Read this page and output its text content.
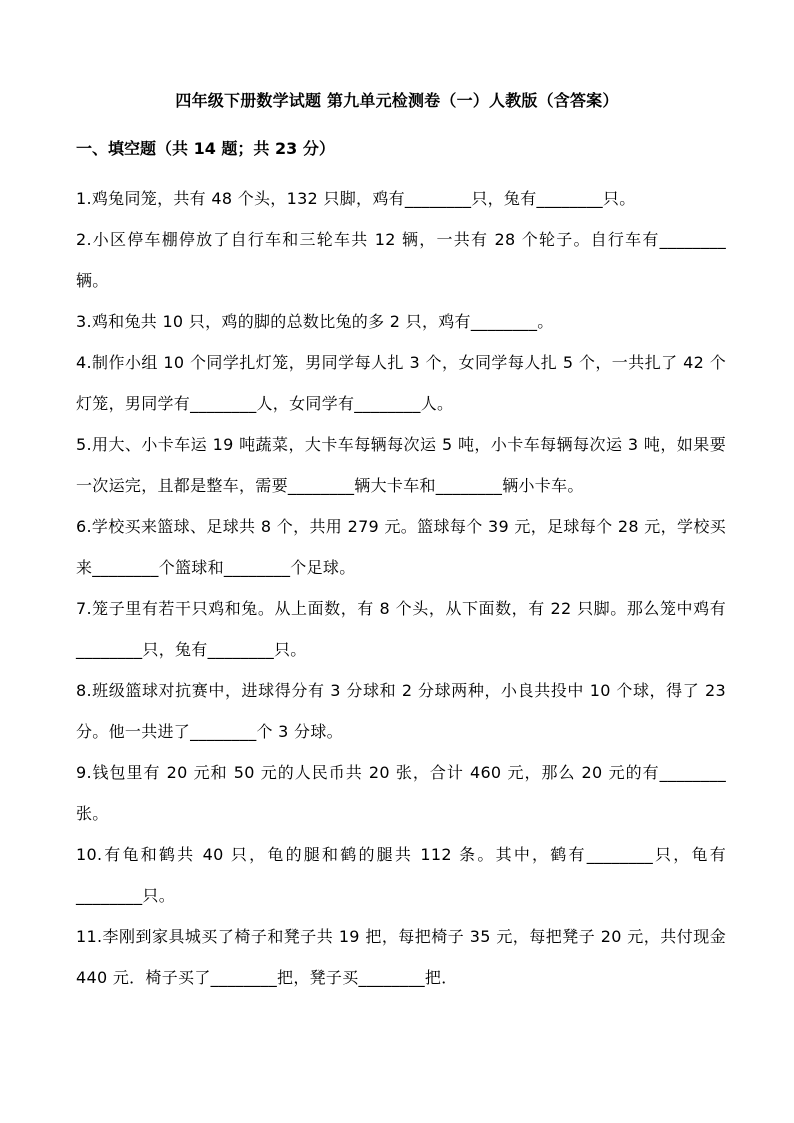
四年级下册数学试题 第九单元检测卷（一）人教版（含答案）
一、填空题（共 14 题；共 23 分）
1.鸡兔同笼，共有 48 个头，132 只脚，鸡有________只，兔有________只。
2.小区停车棚停放了自行车和三轮车共 12 辆，一共有 28 个轮子。自行车有________辆。
3.鸡和兔共 10 只，鸡的脚的总数比兔的多 2 只，鸡有________。
4.制作小组 10 个同学扎灯笼，男同学每人扎 3 个，女同学每人扎 5 个，一共扎了 42 个灯笼，男同学有________人，女同学有________人。
5.用大、小卡车运 19 吨蔬菜，大卡车每辆每次运 5 吨，小卡车每辆每次运 3 吨，如果要一次运完，且都是整车，需要________辆大卡车和________辆小卡车。
6.学校买来篮球、足球共 8 个，共用 279 元。篮球每个 39 元，足球每个 28 元，学校买来________个篮球和________个足球。
7.笼子里有若干只鸡和兔。从上面数，有 8 个头，从下面数，有 22 只脚。那么笼中鸡有________只，兔有________只。
8.班级篮球对抗赛中，进球得分有 3 分球和 2 分球两种，小良共投中 10 个球，得了 23 分。他一共进了________个 3 分球。
9.钱包里有 20 元和 50 元的人民币共 20 张，合计 460 元，那么 20 元的有________张。
10.有龟和鹤共 40 只，龟的腿和鹤的腿共 112 条。其中，鹤有________只，龟有________只。
11.李刚到家具城买了椅子和凳子共 19 把，每把椅子 35 元，每把凳子 20 元，共付现金 440 元．椅子买了________把，凳子买________把．
